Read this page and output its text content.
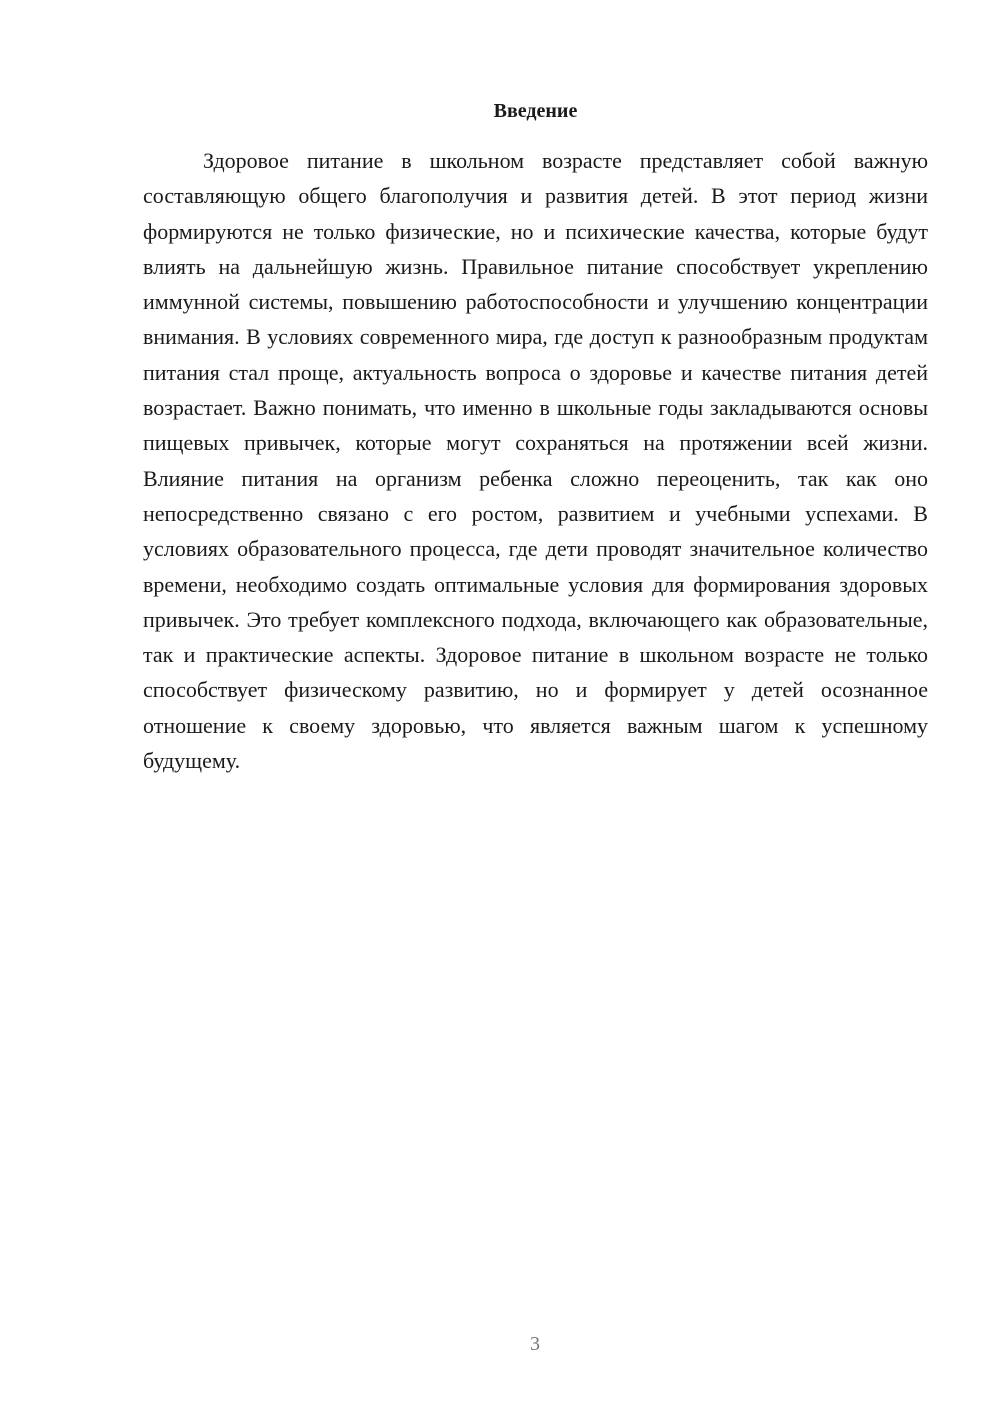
Введение

Здоровое питание в школьном возрасте представляет собой важную составляющую общего благополучия и развития детей. В этот период жизни формируются не только физические, но и психические качества, которые будут влиять на дальнейшую жизнь. Правильное питание способствует укреплению иммунной системы, повышению работоспособности и улучшению концентрации внимания. В условиях современного мира, где доступ к разнообразным продуктам питания стал проще, актуальность вопроса о здоровье и качестве питания детей возрастает. Важно понимать, что именно в школьные годы закладываются основы пищевых привычек, которые могут сохраняться на протяжении всей жизни. Влияние питания на организм ребенка сложно переоценить, так как оно непосредственно связано с его ростом, развитием и учебными успехами. В условиях образовательного процесса, где дети проводят значительное количество времени, необходимо создать оптимальные условия для формирования здоровых привычек. Это требует комплексного подхода, включающего как образовательные, так и практические аспекты. Здоровое питание в школьном возрасте не только способствует физическому развитию, но и формирует у детей осознанное отношение к своему здоровью, что является важным шагом к успешному будущему.

3
